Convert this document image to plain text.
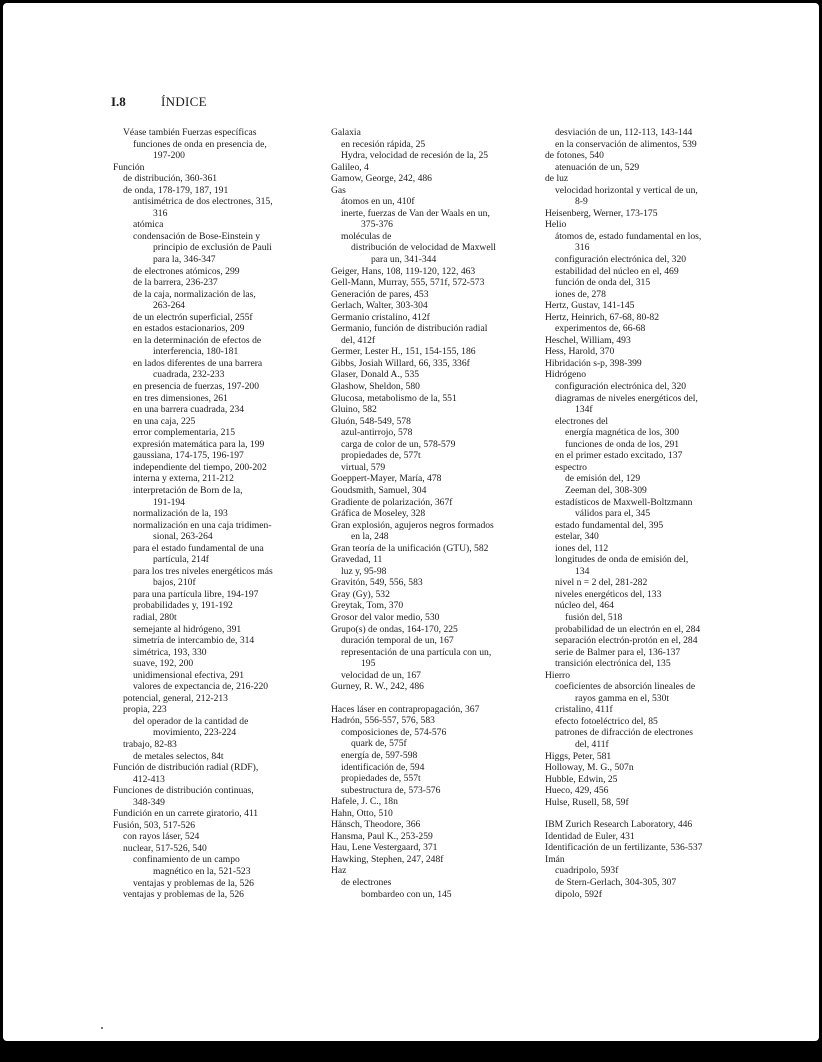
I.8	ÍNDICE
Véase también Fuerzas específicas
funciones de onda en presencia de,
197-200
Función
de distribución, 360-361
de onda, 178-179, 187, 191
antisimétrica de dos electrones, 315,
316
atómica
condensación de Bose-Einstein y
principio de exclusión de Pauli
para la, 346-347
de electrones atómicos, 299
de la barrera, 236-237
de la caja, normalización de las,
263-264
de un electrón superficial, 255f
en estados estacionarios, 209
en la determinación de efectos de
interferencia, 180-181
en lados diferentes de una barrera
cuadrada, 232-233
en presencia de fuerzas, 197-200
en tres dimensiones, 261
en una barrera cuadrada, 234
en una caja, 225
error complementaria, 215
expresión matemática para la, 199
gaussiana, 174-175, 196-197
independiente del tiempo, 200-202
interna y externa, 211-212
interpretación de Born de la,
191-194
normalización de la, 193
normalización en una caja tridimen-
sional, 263-264
para el estado fundamental de una
partícula, 214f
para los tres niveles energéticos más
bajos, 210f
para una partícula libre, 194-197
probabilidades y, 191-192
radial, 280t
semejante al hidrógeno, 391
simetría de intercambio de, 314
simétrica, 193, 330
suave, 192, 200
unidimensional efectiva, 291
valores de expectancia de, 216-220
potencial, general, 212-213
propia, 223
del operador de la cantidad de
movimiento, 223-224
trabajo, 82-83
de metales selectos, 84t
Función de distribución radial (RDF),
412-413
Funciones de distribución continuas,
348-349
Fundición en un carrete giratorio, 411
Fusión, 503, 517-526
con rayos láser, 524
nuclear, 517-526, 540
confinamiento de un campo
magnético en la, 521-523
ventajas y problemas de la, 526
ventajas y problemas de la, 526
Galaxia
en recesión rápida, 25
Hydra, velocidad de recesión de la, 25
Galileo, 4
Gamow, George, 242, 486
Gas
átomos en un, 410f
inerte, fuerzas de Van der Waals en un,
375-376
moléculas de
distribución de velocidad de Maxwell
para un, 341-344
Geiger, Hans, 108, 119-120, 122, 463
Gell-Mann, Murray, 555, 571f, 572-573
Generación de pares, 453
Gerlach, Walter, 303-304
Germanio cristalino, 412f
Germanio, función de distribución radial
del, 412f
Germer, Lester H., 151, 154-155, 186
Gibbs, Josiah Willard, 66, 335, 336f
Glaser, Donald A., 535
Glashow, Sheldon, 580
Glucosa, metabolismo de la, 551
Gluino, 582
Gluón, 548-549, 578
azul-antirrojo, 578
carga de color de un, 578-579
propiedades de, 577t
virtual, 579
Goeppert-Mayer, María, 478
Goudsmith, Samuel, 304
Gradiente de polarización, 367f
Gráfica de Moseley, 328
Gran explosión, agujeros negros formados
en la, 248
Gran teoría de la unificación (GTU), 582
Gravedad, 11
luz y, 95-98
Gravitón, 549, 556, 583
Gray (Gy), 532
Greytak, Tom, 370
Grosor del valor medio, 530
Grupo(s) de ondas, 164-170, 225
duración temporal de un, 167
representación de una partícula con un,
195
velocidad de un, 167
Gurney, R. W., 242, 486
Haces láser en contrapropagación, 367
Hadrón, 556-557, 576, 583
composiciones de, 574-576
quark de, 575f
energía de, 597-598
identificación de, 594
propiedades de, 557t
subestructura de, 573-576
Hafele, J. C., 18n
Hahn, Otto, 510
Hänsch, Theodore, 366
Hansma, Paul K., 253-259
Hau, Lene Vestergaard, 371
Hawking, Stephen, 247, 248f
Haz
de electrones
bombardeo con un, 145
desviación de un, 112-113, 143-144
en la conservación de alimentos, 539
de fotones, 540
atenuación de un, 529
de luz
velocidad horizontal y vertical de un,
8-9
Heisenberg, Werner, 173-175
Helio
átomos de, estado fundamental en los,
316
configuración electrónica del, 320
estabilidad del núcleo en el, 469
función de onda del, 315
iones de, 278
Hertz, Gustav, 141-145
Hertz, Heinrich, 67-68, 80-82
experimentos de, 66-68
Heschel, William, 493
Hess, Harold, 370
Hibridación s-p, 398-399
Hidrógeno
configuración electrónica del, 320
diagramas de niveles energéticos del,
134f
electrones del
energía magnética de los, 300
funciones de onda de los, 291
en el primer estado excitado, 137
espectro
de emisión del, 129
Zeeman del, 308-309
estadísticos de Maxwell-Boltzmann
válidos para el, 345
estado fundamental del, 395
estelar, 340
iones del, 112
longitudes de onda de emisión del,
134
nivel n = 2 del, 281-282
niveles energéticos del, 133
núcleo del, 464
fusión del, 518
probabilidad de un electrón en el, 284
separación electrón-protón en el, 284
serie de Balmer para el, 136-137
transición electrónica del, 135
Hierro
coeficientes de absorción lineales de
rayos gamma en el, 530t
cristalino, 411f
efecto fotoeléctrico del, 85
patrones de difracción de electrones
del, 411f
Higgs, Peter, 581
Holloway, M. G., 507n
Hubble, Edwin, 25
Hueco, 429, 456
Hulse, Rusell, 58, 59f
IBM Zurich Research Laboratory, 446
Identidad de Euler, 431
Identificación de un fertilizante, 536-537
Imán
cuadripolo, 593f
de Stern-Gerlach, 304-305, 307
dipolo, 592f
